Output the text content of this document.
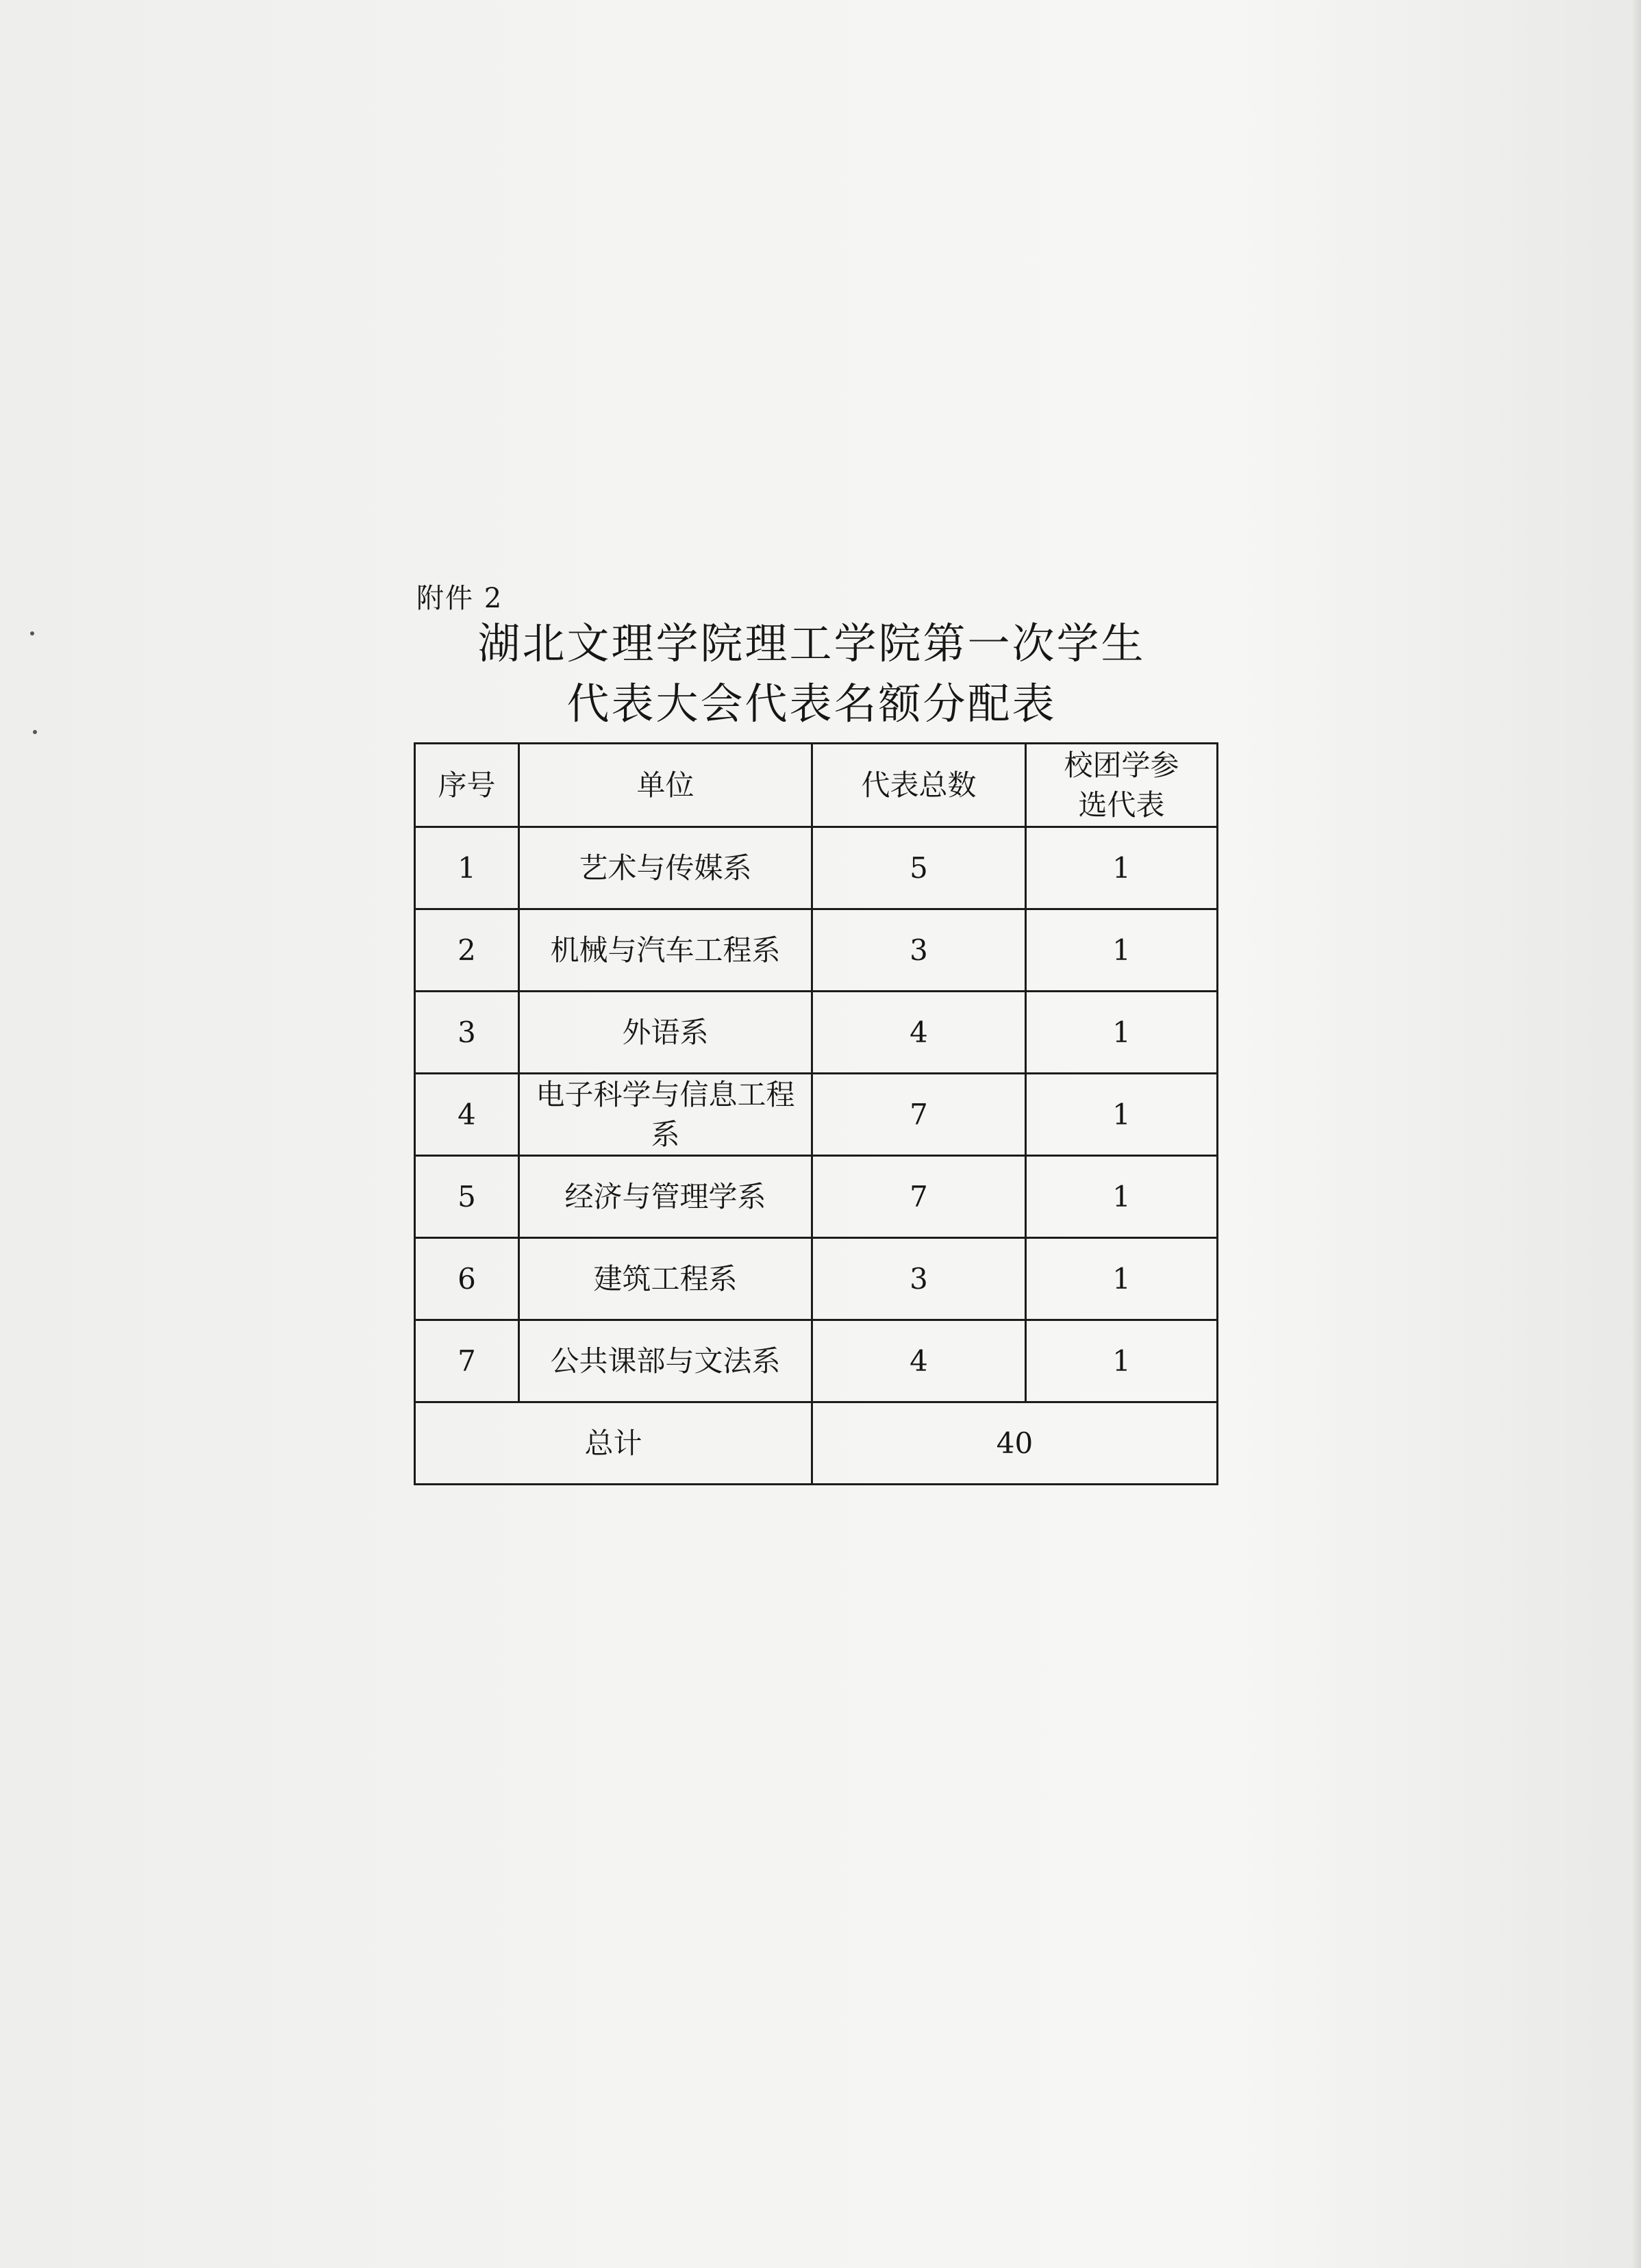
附件 2
湖北文理学院理工学院第一次学生
代表大会代表名额分配表
序号	单位	代表总数	校团学参选代表
1	艺术与传媒系	5	1
2	机械与汽车工程系	3	1
3	外语系	4	1
4	电子科学与信息工程系	7	1
5	经济与管理学系	7	1
6	建筑工程系	3	1
7	公共课部与文法系	4	1
总计		40	
